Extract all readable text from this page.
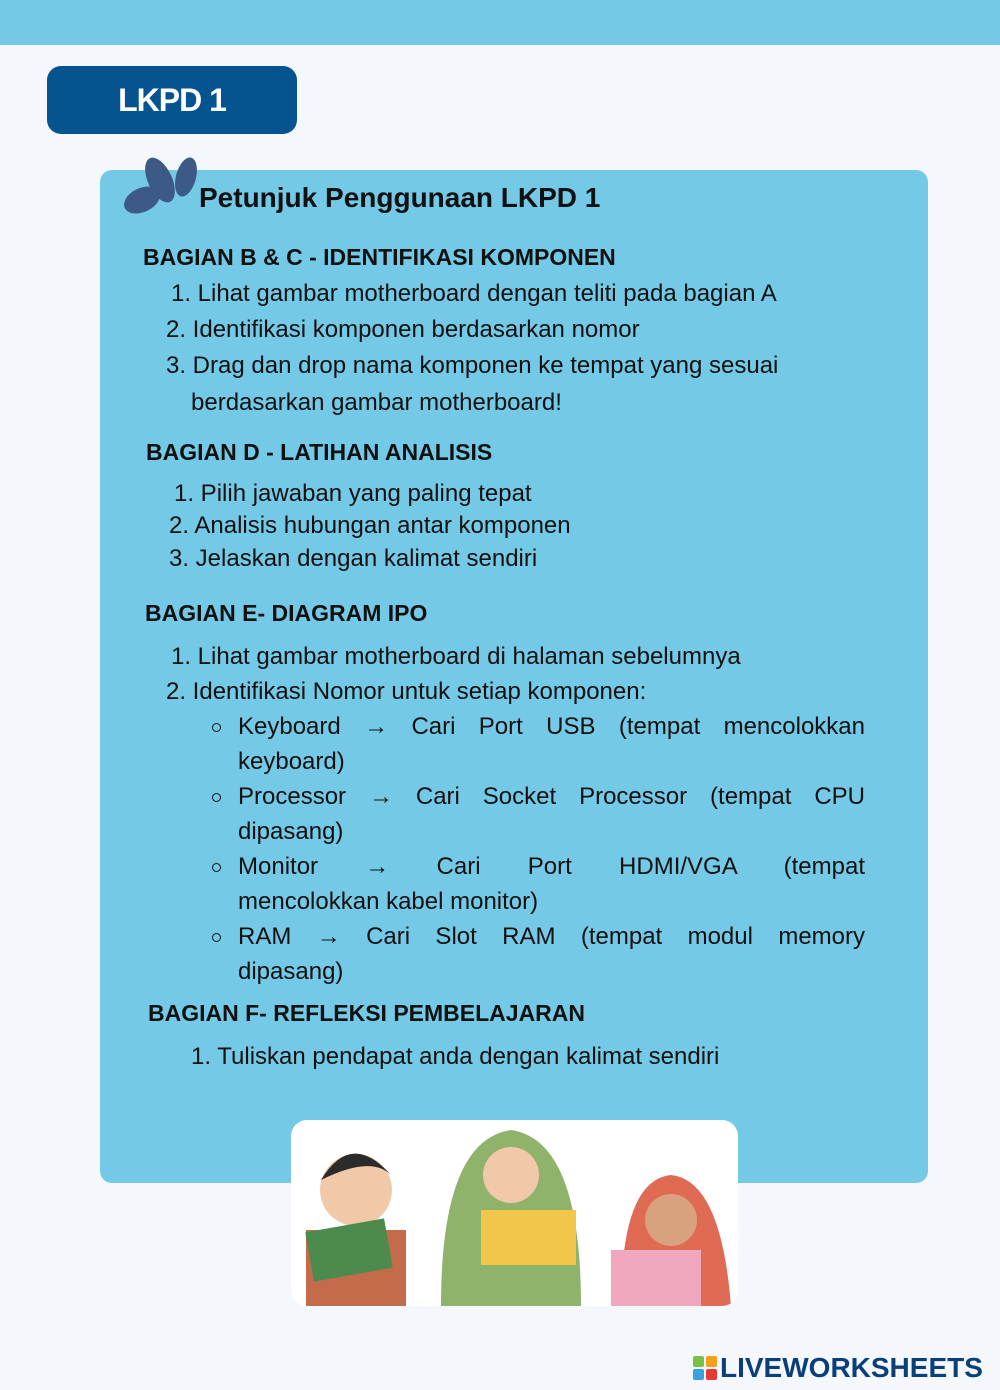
LKPD 1
Petunjuk Penggunaan LKPD 1
BAGIAN B & C - IDENTIFIKASI KOMPONEN
1. Lihat gambar motherboard dengan teliti pada bagian A
2. Identifikasi komponen berdasarkan nomor
3. Drag dan drop nama komponen ke tempat yang sesuai
berdasarkan gambar motherboard!
BAGIAN D - LATIHAN ANALISIS
1. Pilih jawaban yang paling tepat
2. Analisis hubungan antar komponen
3. Jelaskan dengan kalimat sendiri
BAGIAN E- DIAGRAM IPO
1. Lihat gambar motherboard di halaman sebelumnya
2. Identifikasi Nomor untuk setiap komponen:
Keyboard → Cari Port USB (tempat mencolokkan
keyboard)
Processor → Cari Socket Processor (tempat CPU
dipasang)
Monitor → Cari Port HDMI/VGA (tempat
mencolokkan kabel monitor)
RAM → Cari Slot RAM (tempat modul memory
dipasang)
BAGIAN F- REFLEKSI PEMBELAJARAN
1. Tuliskan pendapat anda dengan kalimat sendiri
LIVEWORKSHEETS
